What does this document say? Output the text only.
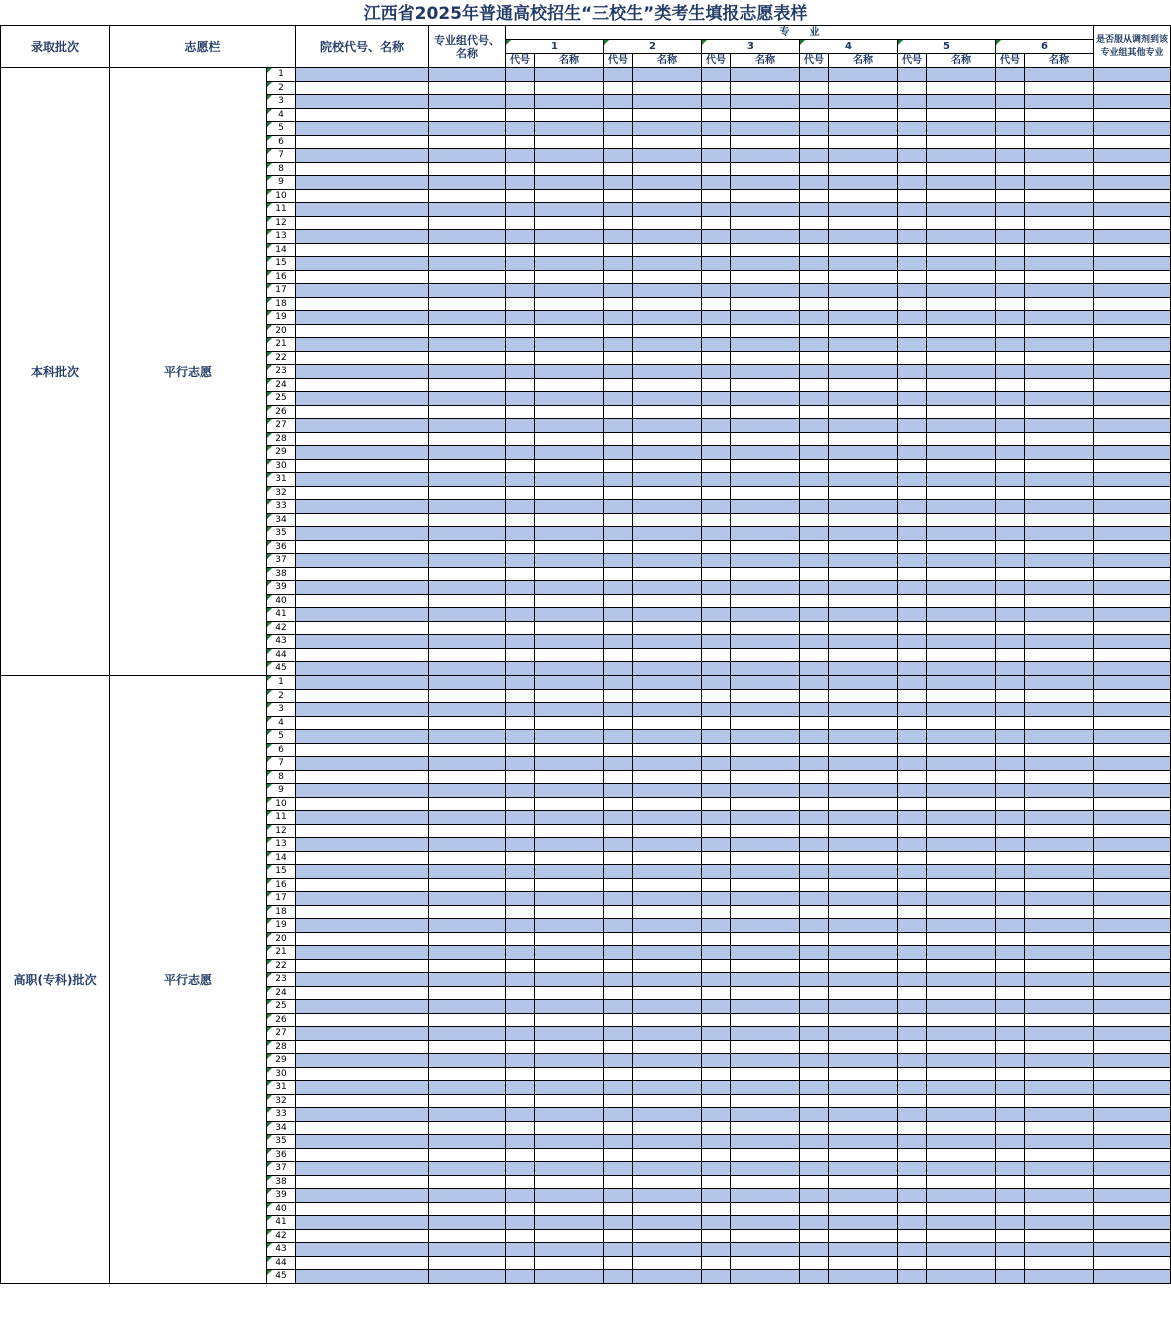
江西省2025年普通高校招生“三校生”类考生填报志愿表样
录取批次	志愿栏		院校代号、名称	专业组代号、名称	专　　业												是否服从调剂到该专业组其他专业
					1		2		3		4		5		6		
					代号	名称	代号	名称	代号	名称	代号	名称	代号	名称	代号	名称	
本科批次	平行志愿	1															
		2															
		3															
		4															
		5															
		6															
		7															
		8															
		9															
		10															
		11															
		12															
		13															
		14															
		15															
		16															
		17															
		18															
		19															
		20															
		21															
		22															
		23															
		24															
		25															
		26															
		27															
		28															
		29															
		30															
		31															
		32															
		33															
		34															
		35															
		36															
		37															
		38															
		39															
		40															
		41															
		42															
		43															
		44															
		45															
高职(专科)批次	平行志愿	1															
		2															
		3															
		4															
		5															
		6															
		7															
		8															
		9															
		10															
		11															
		12															
		13															
		14															
		15															
		16															
		17															
		18															
		19															
		20															
		21															
		22															
		23															
		24															
		25															
		26															
		27															
		28															
		29															
		30															
		31															
		32															
		33															
		34															
		35															
		36															
		37															
		38															
		39															
		40															
		41															
		42															
		43															
		44															
		45															
